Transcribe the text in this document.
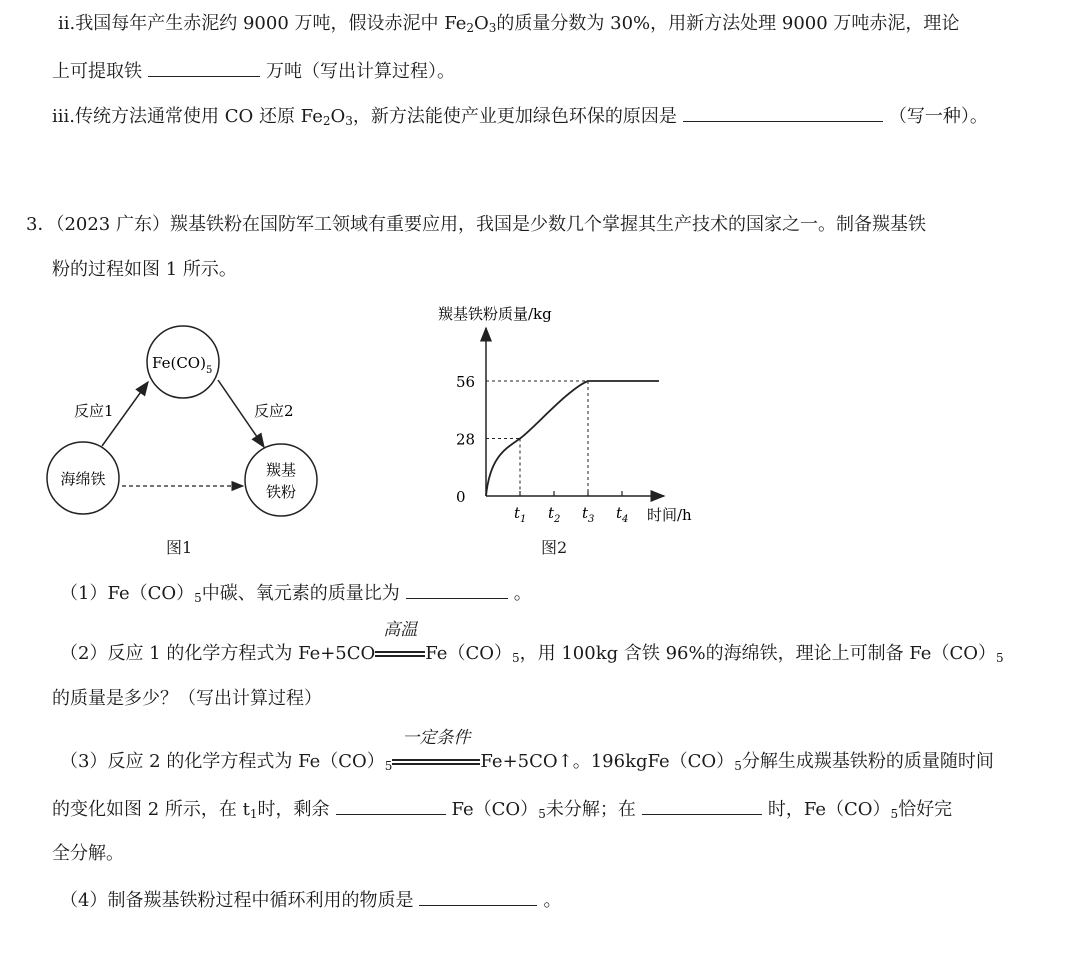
ⅱ.我国每年产生赤泥约 9000 万吨，假设赤泥中 $Fe_2O_3$的质量分数为 30%，用新方法处理 9000 万吨赤泥，理论
上可提取铁	万吨（写出计算过程）。
ⅲ.传统方法通常使用 CO 还原 $Fe_2O_3$，新方法能使产业更加绿色环保的原因是	（写一种）。
3．（2023 广东）羰基铁粉在国防军工领域有重要应用，我国是少数几个掌握其生产技术的国家之一。制备羰基铁
粉的过程如图 1 所示。
$Fe(CO)_5$
海绵铁	羰基
铁粉
反应1	反应2
图1
羰基铁粉质量/kg
时间/h
56
28
0
$t_1$ $t_2$ $t_3$ $t_4$
图2
$(1)Fe(CO)_5$中碳、氧元素的质量比为	。
（2）反应 1 的化学方程式为 Fe+5CO
高温
$Fe(CO)_5$，用 100kg 含铁 96%的海绵铁，理论上可制备 $Fe(CO)_5$
的质量是多少？（写出计算过程）
（3）反应 2 的化学方程式为 $Fe(CO)_5$
一定条件
Fe+5CO↑。$196kgFe(CO)_5$分解生成羰基铁粉的质量随时间
的变化如图 2 所示，在 $t_1$时，剩余	$Fe(CO)_5$未分解；在	时，$Fe(CO)_5$恰好完
全分解。
（4）制备羰基铁粉过程中循环利用的物质是	。
